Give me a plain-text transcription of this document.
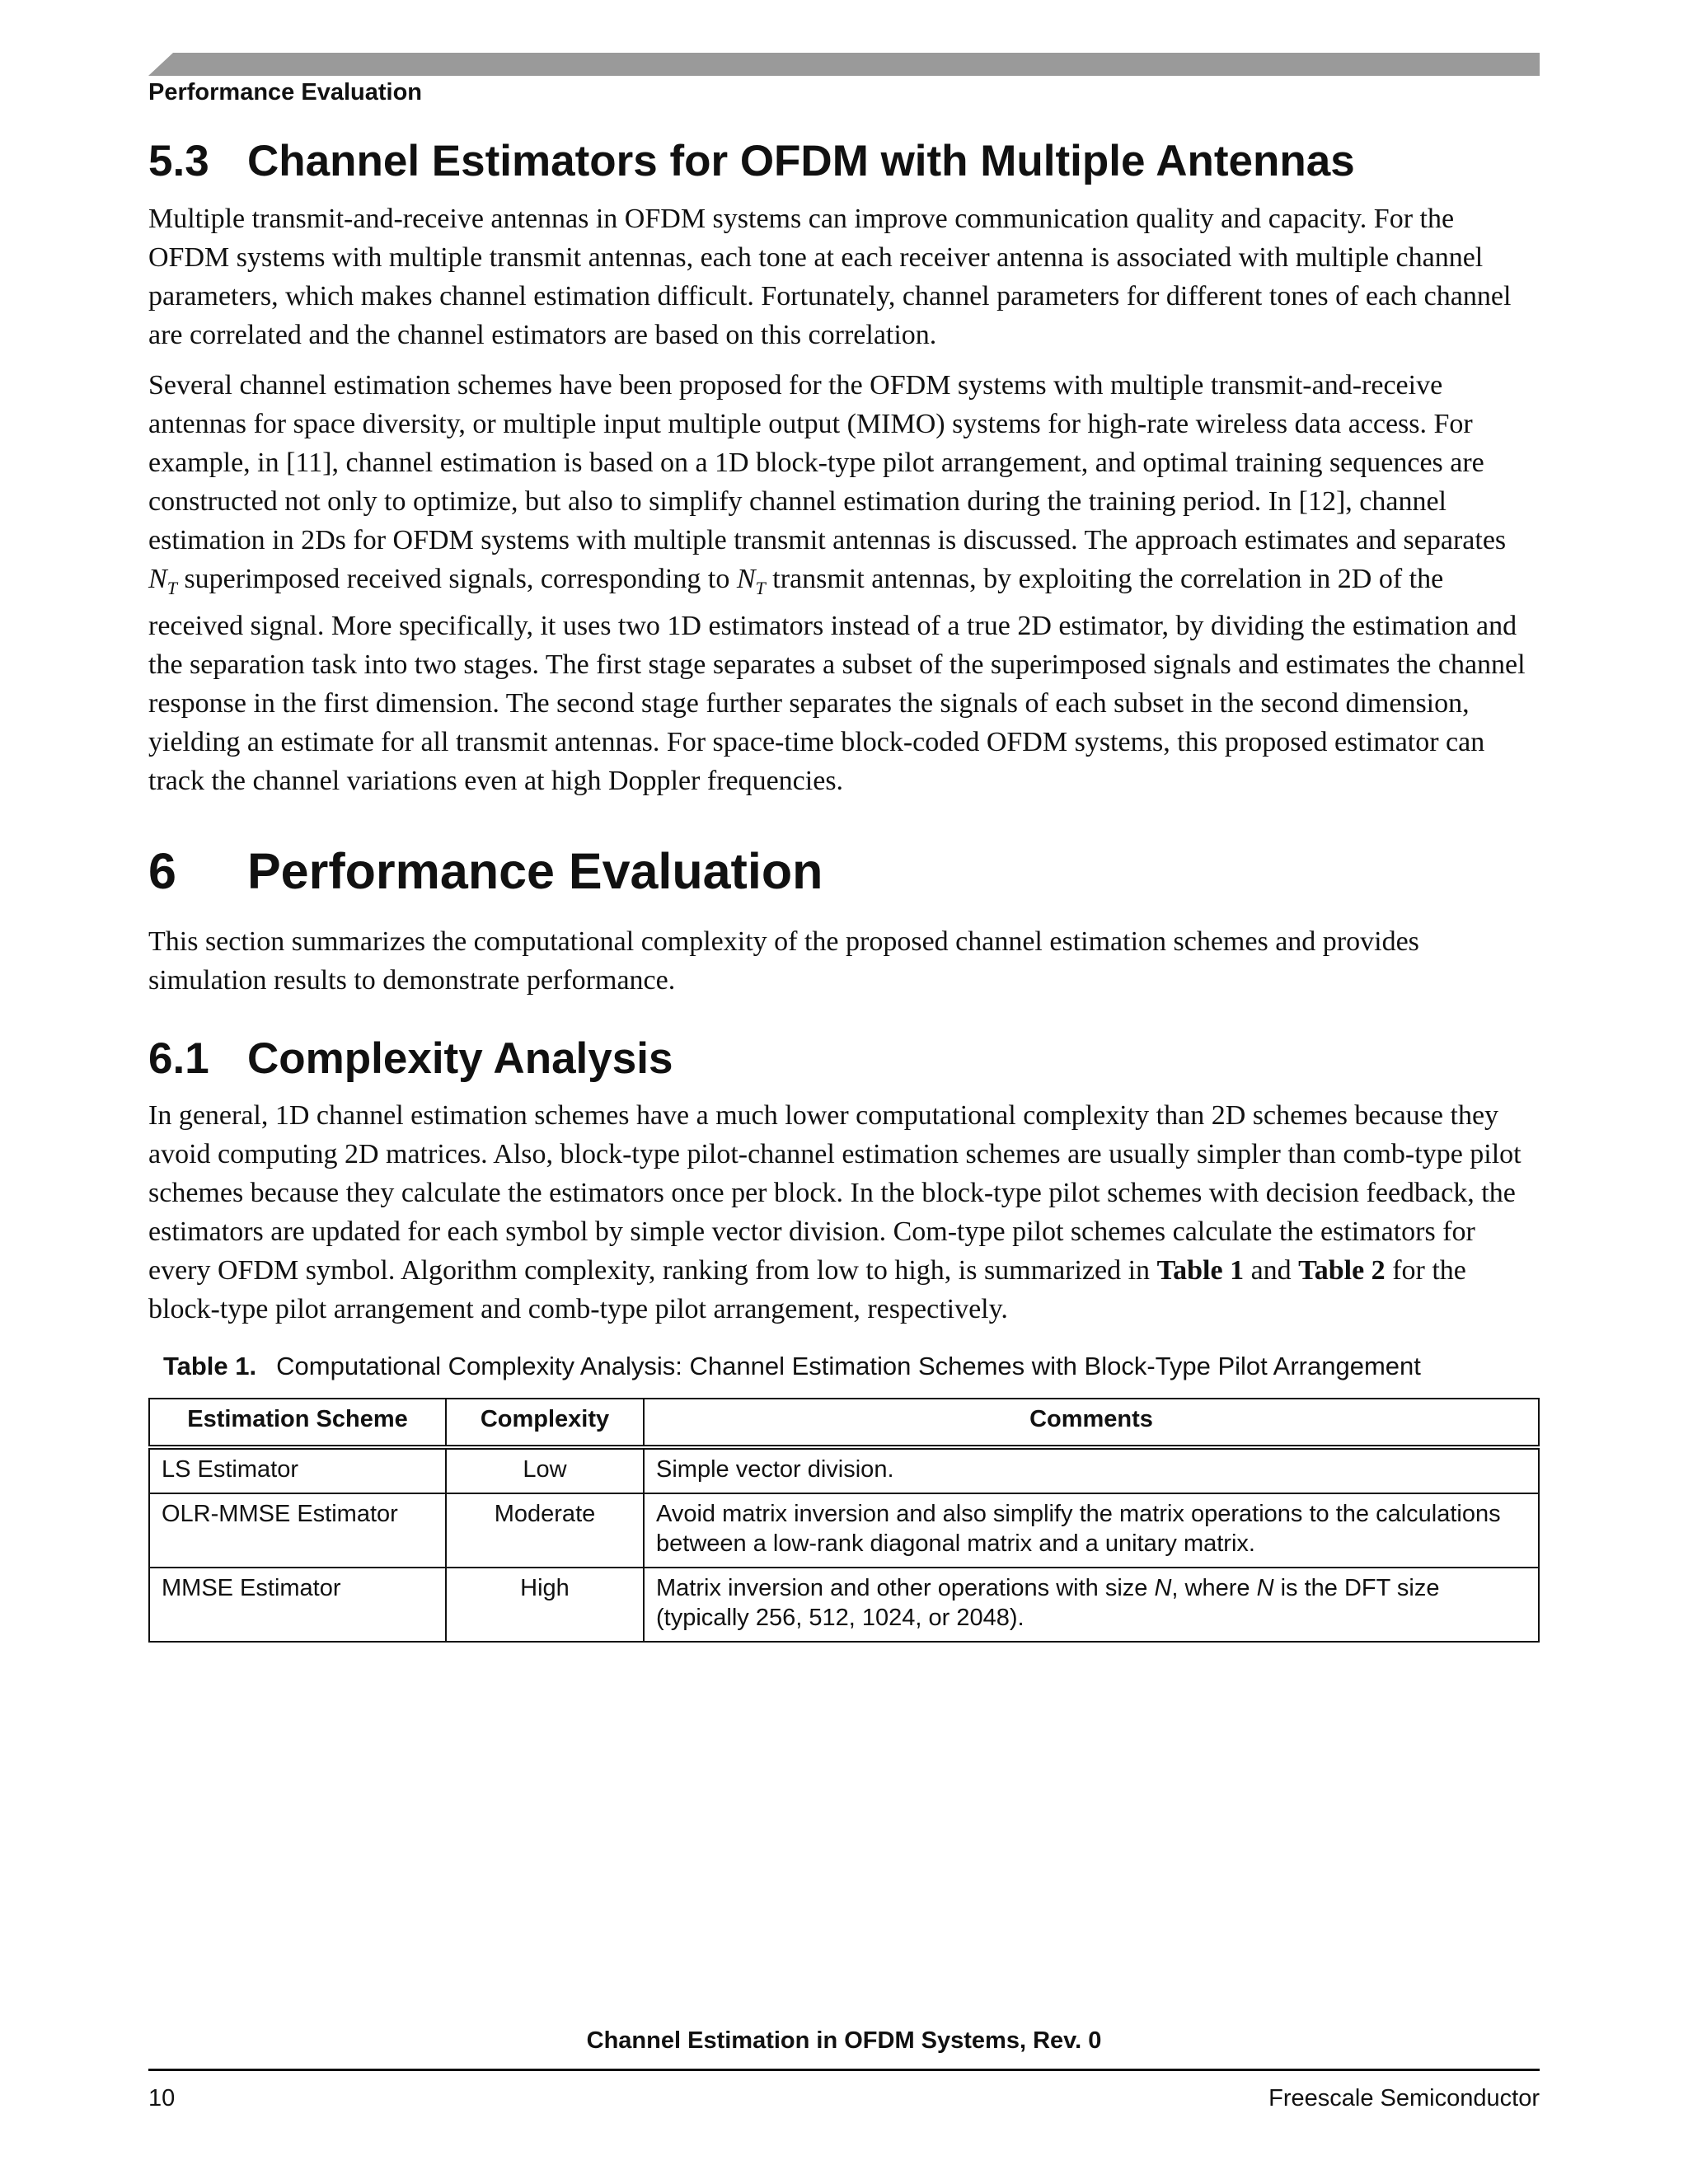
Performance Evaluation
5.3 Channel Estimators for OFDM with Multiple Antennas

Multiple transmit-and-receive antennas in OFDM systems can improve communication quality and capacity. For the OFDM systems with multiple transmit antennas, each tone at each receiver antenna is associated with multiple channel parameters, which makes channel estimation difficult. Fortunately, channel parameters for different tones of each channel are correlated and the channel estimators are based on this correlation.

Several channel estimation schemes have been proposed for the OFDM systems with multiple transmit-and-receive antennas for space diversity, or multiple input multiple output (MIMO) systems for high-rate wireless data access. For example, in [11], channel estimation is based on a 1D block-type pilot arrangement, and optimal training sequences are constructed not only to optimize, but also to simplify channel estimation during the training period. In [12], channel estimation in 2Ds for OFDM systems with multiple transmit antennas is discussed. The approach estimates and separates $N_T$ superimposed received signals, corresponding to $N_T$ transmit antennas, by exploiting the correlation in 2D of the received signal. More specifically, it uses two 1D estimators instead of a true 2D estimator, by dividing the estimation and the separation task into two stages. The first stage separates a subset of the superimposed signals and estimates the channel response in the first dimension. The second stage further separates the signals of each subset in the second dimension, yielding an estimate for all transmit antennas. For space-time block-coded OFDM systems, this proposed estimator can track the channel variations even at high Doppler frequencies.

6	Performance Evaluation

This section summarizes the computational complexity of the proposed channel estimation schemes and provides simulation results to demonstrate performance.

6.1 Complexity Analysis

In general, 1D channel estimation schemes have a much lower computational complexity than 2D schemes because they avoid computing 2D matrices. Also, block-type pilot-channel estimation schemes are usually simpler than comb-type pilot schemes because they calculate the estimators once per block. In the block-type pilot schemes with decision feedback, the estimators are updated for each symbol by simple vector division. Com-type pilot schemes calculate the estimators for every OFDM symbol. Algorithm complexity, ranking from low to high, is summarized in Table 1 and Table 2 for the block-type pilot arrangement and comb-type pilot arrangement, respectively.

Table 1. Computational Complexity Analysis: Channel Estimation Schemes with Block-Type Pilot Arrangement
Estimation Scheme	Complexity	Comments
LS Estimator	Low	Simple vector division.
OLR-MMSE Estimator	Moderate	Avoid matrix inversion and also simplify the matrix operations to the calculations between a low-rank diagonal matrix and a unitary matrix.
MMSE Estimator	High	Matrix inversion and other operations with size N, where N is the DFT size (typically 256, 512, 1024, or 2048).
Channel Estimation in OFDM Systems, Rev. 0
10	Freescale Semiconductor
